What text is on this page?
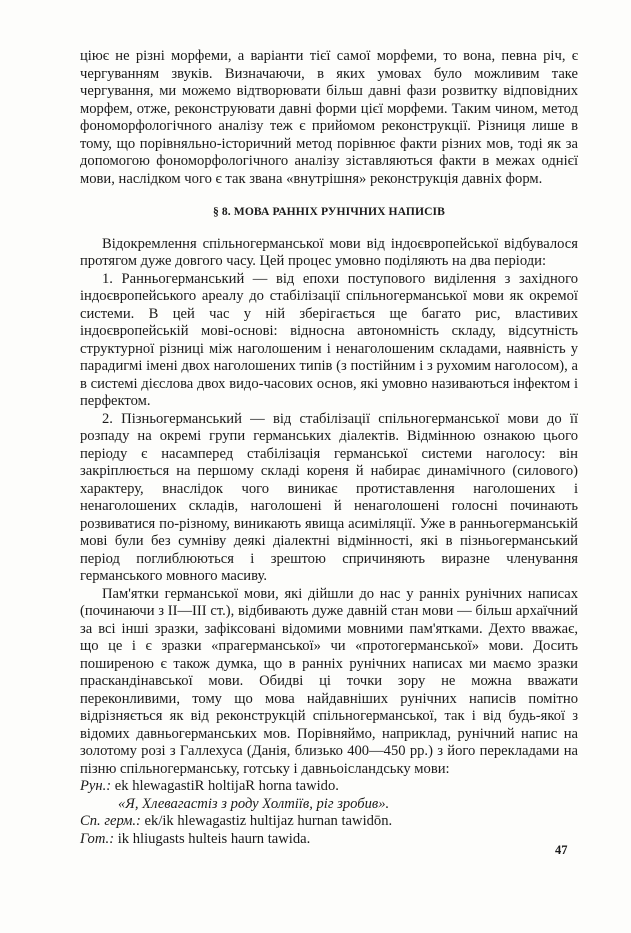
ціює не різні морфеми, а варіанти тієї самої морфеми, то вона, певна річ, є чергуванням звуків. Визначаючи, в яких умовах було можливим таке чергування, ми можемо відтворювати більш давні фази розвитку відповідних морфем, отже, реконструювати давні форми цієї морфеми. Таким чином, метод фономорфологічного аналізу теж є прийомом реконструкції. Різниця лише в тому, що порівняльно-історичний метод порівнює факти різних мов, тоді як за допомогою фономорфологічного аналізу зіставляються факти в межах однієї мови, наслідком чого є так звана «внутрішня» реконструкція давніх форм.

§ 8. МОВА РАННІХ РУНІЧНИХ НАПИСІВ

Відокремлення спільногерманської мови від індоєвропейської відбувалося протягом дуже довгого часу. Цей процес умовно поділяють на два періоди:

1. Ранньогерманський — від епохи поступового виділення з західного індоєвропейського ареалу до стабілізації спільногерманської мови як окремої системи. В цей час у ній зберігається ще багато рис, властивих індоєвропейській мові-основі: відносна автономність складу, відсутність структурної різниці між наголошеним і ненаголошеним складами, наявність у парадигмі імені двох наголошених типів (з постійним і з рухомим наголосом), а в системі дієслова двох видо-часових основ, які умовно називаються інфектом і перфектом.

2. Пізньогерманський — від стабілізації спільногерманської мови до її розпаду на окремі групи германських діалектів. Відмінною ознакою цього періоду є насамперед стабілізація германської системи наголосу: він закріплюється на першому складі кореня й набирає динамічного (силового) характеру, внаслідок чого виникає протиставлення наголошених і ненаголошених складів, наголошені й ненаголошені голосні починають розвиватися по-різному, виникають явища асиміляції. Уже в ранньогерманській мові були без сумніву деякі діалектні відмінності, які в пізньогерманський період поглиблюються і зрештою спричиняють виразне членування германського мовного масиву.

Пам'ятки германської мови, які дійшли до нас у ранніх рунічних написах (починаючи з II—III ст.), відбивають дуже давній стан мови — більш архаїчний за всі інші зразки, зафіксовані відомими мовними пам'ятками. Дехто вважає, що це і є зразки «прагерманської» чи «протогерманської» мови. Досить поширеною є також думка, що в ранніх рунічних написах ми маємо зразки праскандінавської мови. Обидві ці точки зору не можна вважати переконливими, тому що мова найдавніших рунічних написів помітно відрізняється як від реконструкцій спільногерманської, так і від будь-якої з відомих давньогерманських мов. Порівняймо, наприклад, рунічний напис на золотому розі з Галлехуса (Данія, близько 400—450 рр.) з його перекладами на пізню спільногерманську, готську і давньоісландську мови:

Рун.: ek hlewagastiR holtijaR horna tawido.

«Я, Хлевагастіз з роду Холтіїв, ріг зробив».

Сп. герм.: ek/ik hlewagastiz hultijaz hurnan tawidōn.

Гот.: ik hliugasts hulteis haurn tawida.

47
